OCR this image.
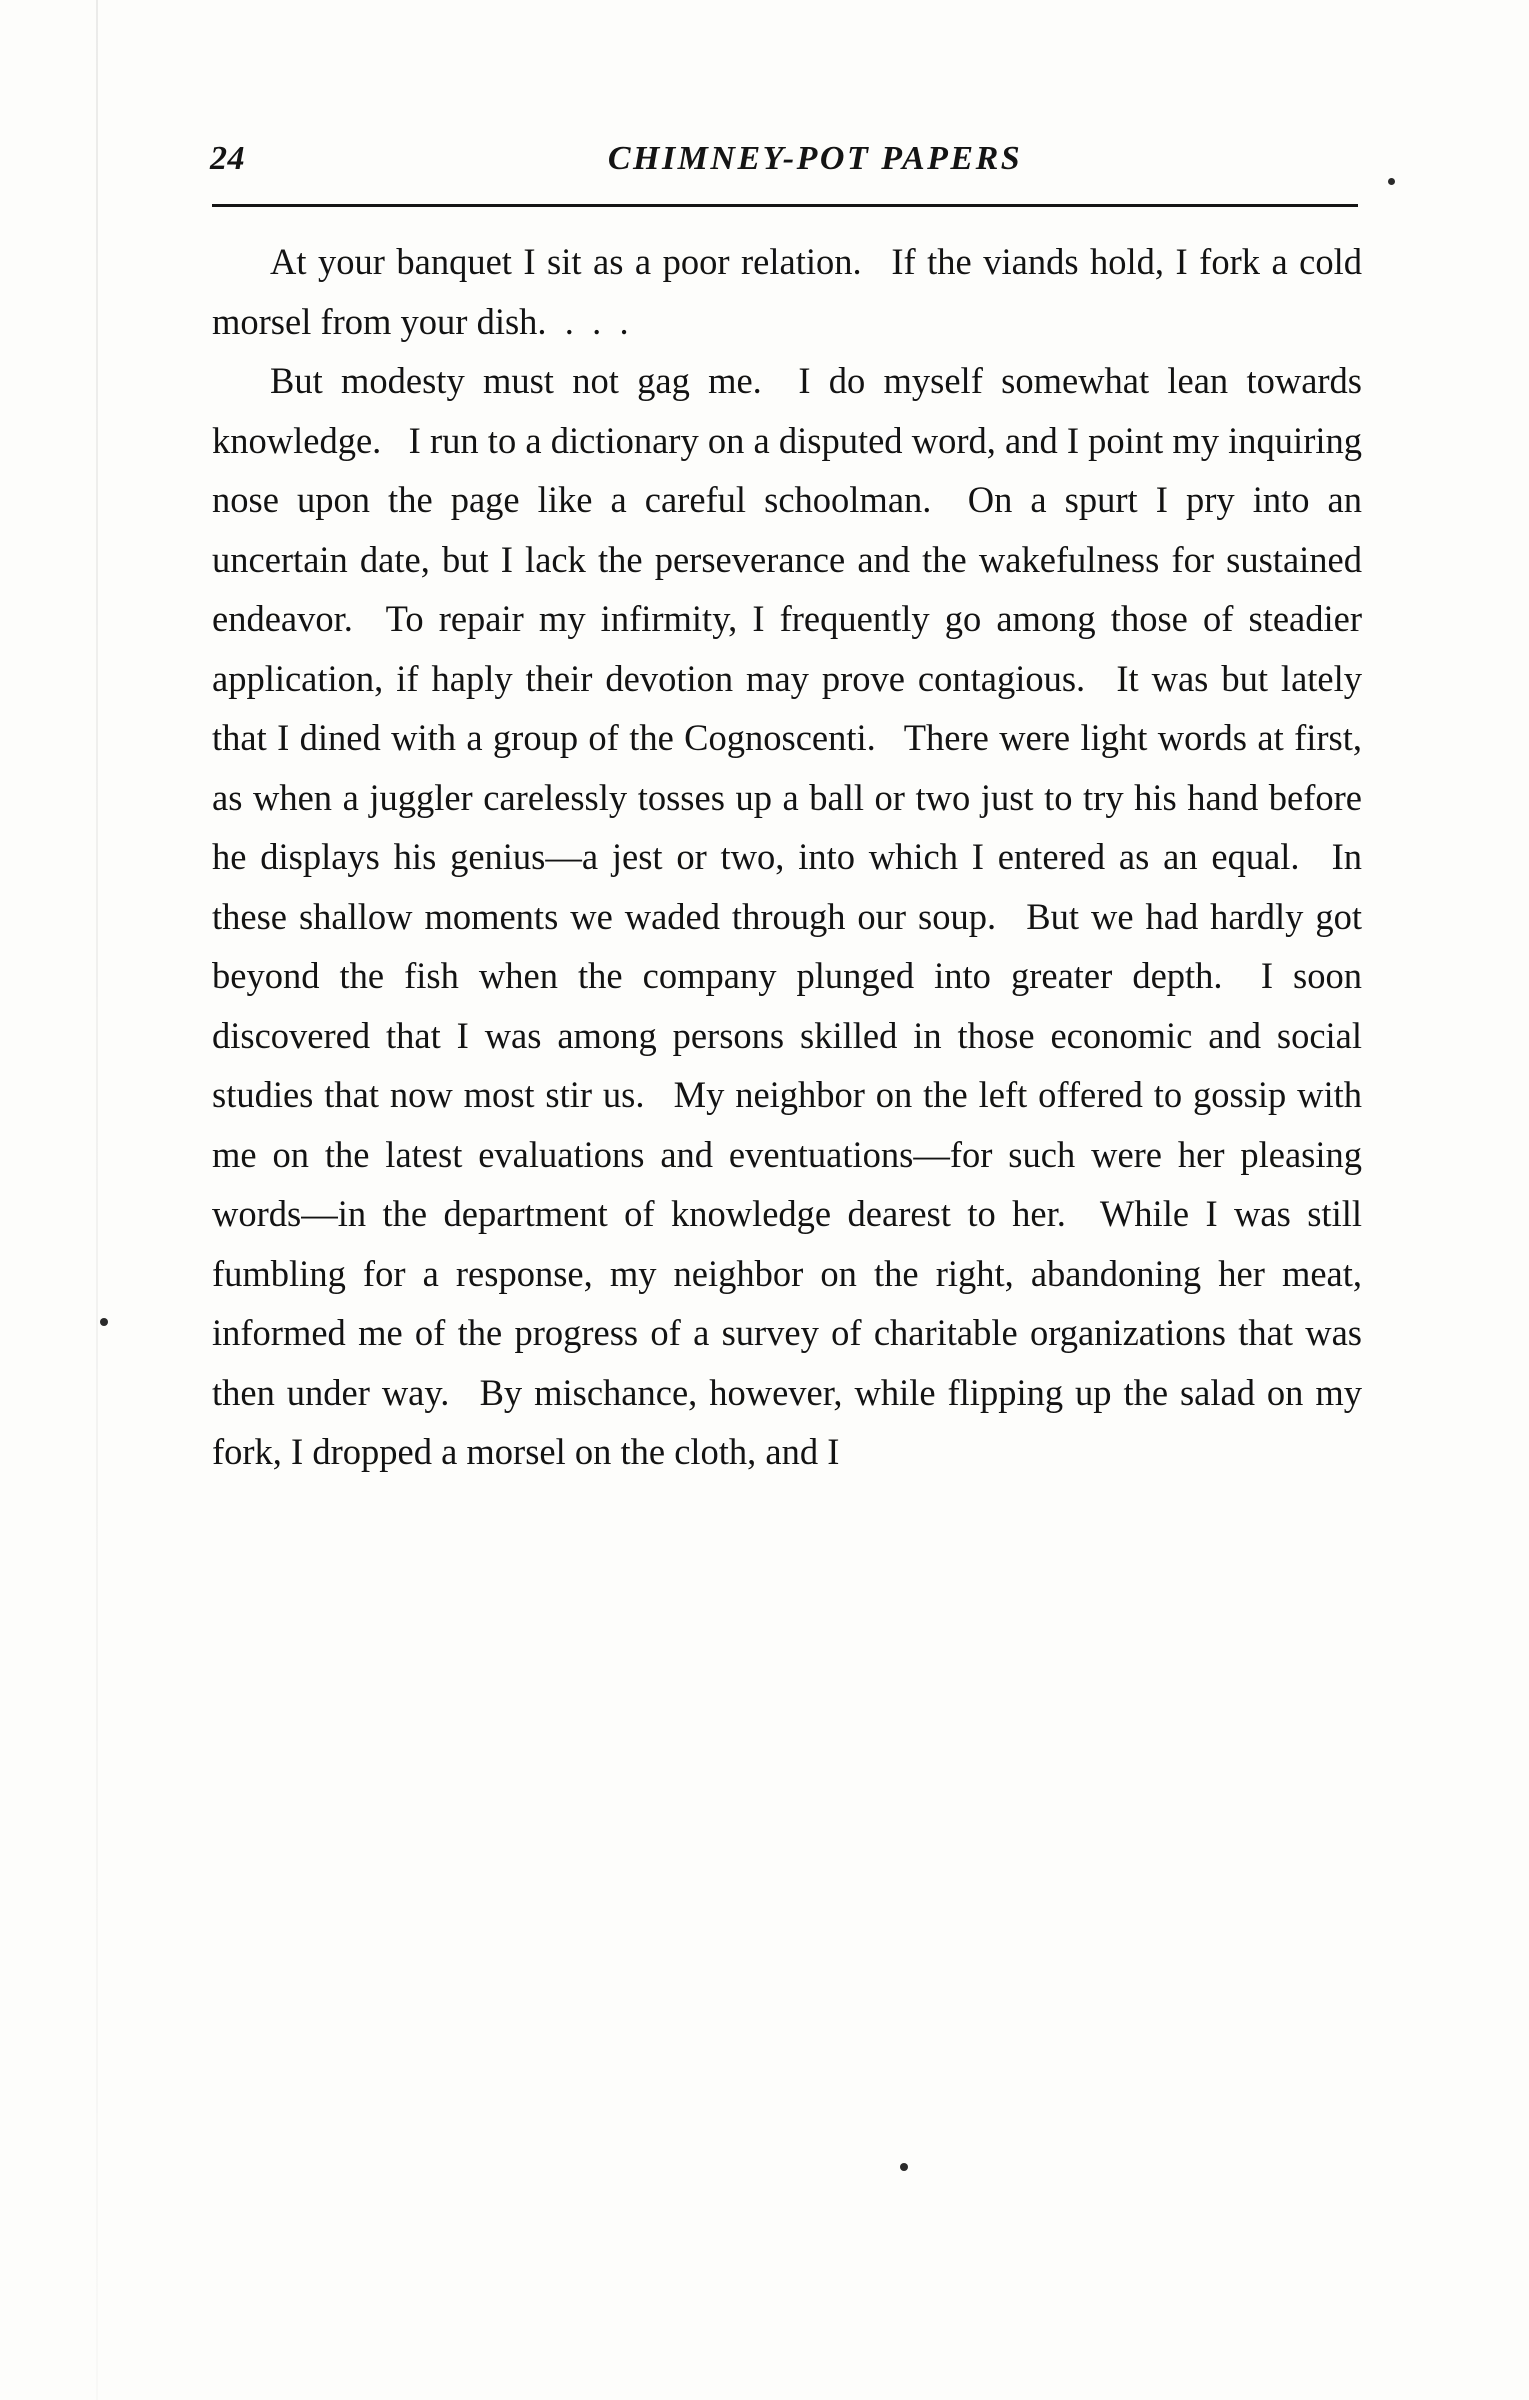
24	CHIMNEY-POT PAPERS

At your banquet I sit as a poor relation.  If the viands hold, I fork a cold morsel from your dish. . . .

But modesty must not gag me.  I do myself somewhat lean towards knowledge.  I run to a dictionary on a disputed word, and I point my inquiring nose upon the page like a careful schoolman.  On a spurt I pry into an uncertain date, but I lack the perseverance and the wakefulness for sustained endeavor.  To repair my infirmity, I frequently go among those of steadier application, if haply their devotion may prove contagious.  It was but lately that I dined with a group of the Cognoscenti.  There were light words at first, as when a juggler carelessly tosses up a ball or two just to try his hand before he displays his genius—a jest or two, into which I entered as an equal.  In these shallow moments we waded through our soup.  But we had hardly got beyond the fish when the company plunged into greater depth.  I soon discovered that I was among persons skilled in those economic and social studies that now most stir us.  My neighbor on the left offered to gossip with me on the latest evaluations and eventuations—for such were her pleasing words—in the department of knowledge dearest to her.  While I was still fumbling for a response, my neighbor on the right, abandoning her meat, informed me of the progress of a survey of charitable organizations that was then under way.  By mischance, however, while flipping up the salad on my fork, I dropped a morsel on the cloth, and I
